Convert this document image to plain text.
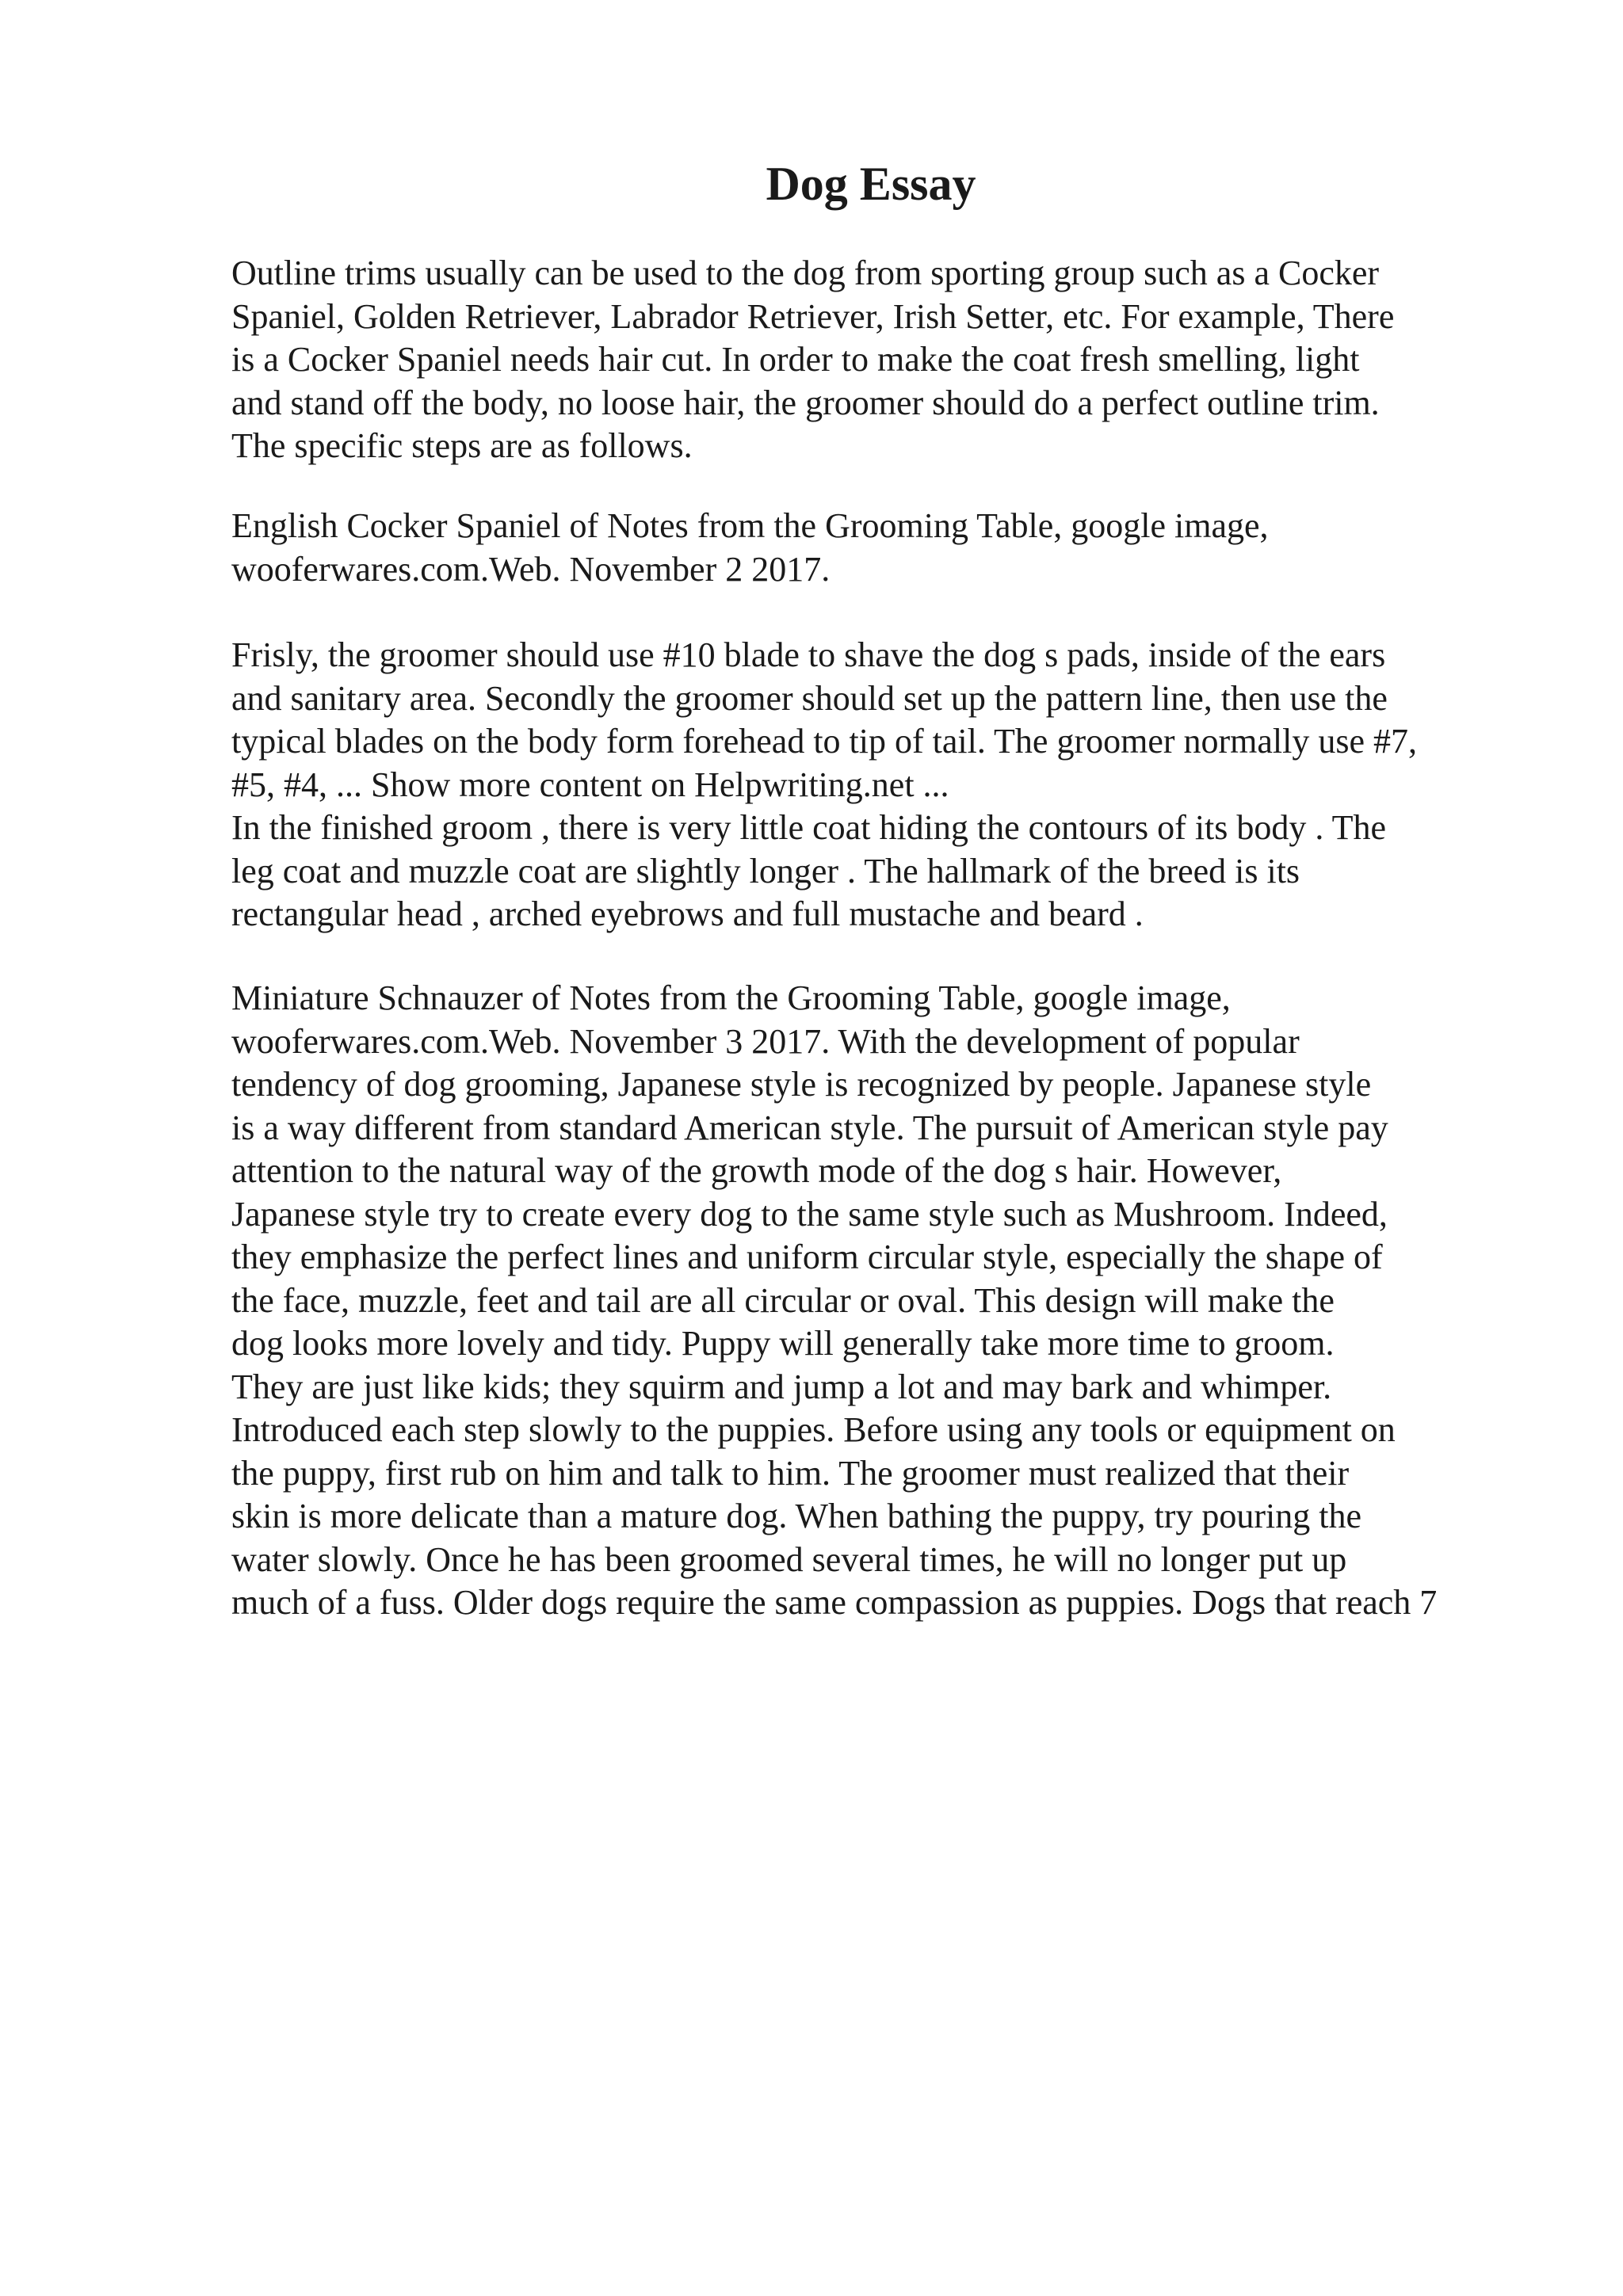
Dog Essay
Outline trims usually can be used to the dog from sporting group such as a Cocker
Spaniel, Golden Retriever, Labrador Retriever, Irish Setter, etc. For example, There
is a Cocker Spaniel needs hair cut. In order to make the coat fresh smelling, light
and stand off the body, no loose hair, the groomer should do a perfect outline trim.
The specific steps are as follows.
English Cocker Spaniel of Notes from the Grooming Table, google image,
wooferwares.com.Web. November 2 2017.
Frisly, the groomer should use #10 blade to shave the dog s pads, inside of the ears
and sanitary area. Secondly the groomer should set up the pattern line, then use the
typical blades on the body form forehead to tip of tail. The groomer normally use #7,
#5, #4, ... Show more content on Helpwriting.net ...
In the finished groom , there is very little coat hiding the contours of its body . The
leg coat and muzzle coat are slightly longer . The hallmark of the breed is its
rectangular head , arched eyebrows and full mustache and beard .
Miniature Schnauzer of Notes from the Grooming Table, google image,
wooferwares.com.Web. November 3 2017. With the development of popular
tendency of dog grooming, Japanese style is recognized by people. Japanese style
is a way different from standard American style. The pursuit of American style pay
attention to the natural way of the growth mode of the dog s hair. However,
Japanese style try to create every dog to the same style such as Mushroom. Indeed,
they emphasize the perfect lines and uniform circular style, especially the shape of
the face, muzzle, feet and tail are all circular or oval. This design will make the
dog looks more lovely and tidy. Puppy will generally take more time to groom.
They are just like kids; they squirm and jump a lot and may bark and whimper.
Introduced each step slowly to the puppies. Before using any tools or equipment on
the puppy, first rub on him and talk to him. The groomer must realized that their
skin is more delicate than a mature dog. When bathing the puppy, try pouring the
water slowly. Once he has been groomed several times, he will no longer put up
much of a fuss. Older dogs require the same compassion as puppies. Dogs that reach 7
